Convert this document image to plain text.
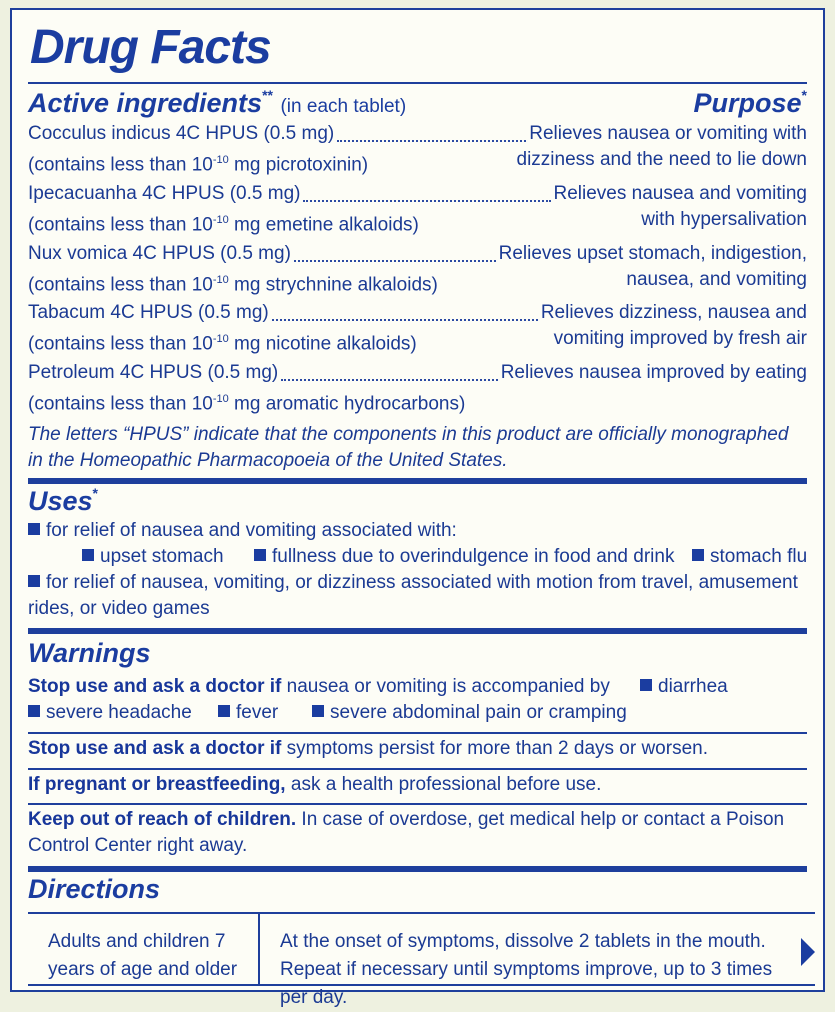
Drug Facts
Active ingredients** (in each tablet)	Purpose*
Cocculus indicus 4C HPUS (0.5 mg)	Relieves nausea or vomiting with
(contains less than $10^{-10}$ mg picrotoxinin)	dizziness and the need to lie down
Ipecacuanha 4C HPUS (0.5 mg)	Relieves nausea and vomiting
(contains less than $10^{-10}$ mg emetine alkaloids)	with hypersalivation
Nux vomica 4C HPUS (0.5 mg)	Relieves upset stomach, indigestion,
(contains less than $10^{-10}$ mg strychnine alkaloids)	nausea, and vomiting
Tabacum 4C HPUS (0.5 mg)	Relieves dizziness, nausea and
(contains less than $10^{-10}$ mg nicotine alkaloids)	vomiting improved by fresh air
Petroleum 4C HPUS (0.5 mg)	Relieves nausea improved by eating
(contains less than $10^{-10}$ mg aromatic hydrocarbons)
The letters “HPUS” indicate that the components in this product are officially monographed in the Homeopathic Pharmacopoeia of the United States.
Uses*
for relief of nausea and vomiting associated with:
upset stomach	fullness due to overindulgence in food and drink	stomach flu
for relief of nausea, vomiting, or dizziness associated with motion from travel, amusement
rides, or video games
Warnings
Stop use and ask a doctor if nausea or vomiting is accompanied by	diarrhea
severe headache	fever	severe abdominal pain or cramping
Stop use and ask a doctor if symptoms persist for more than 2 days or worsen.
If pregnant or breastfeeding, ask a health professional before use.
Keep out of reach of children. In case of overdose, get medical help or contact a Poison
Control Center right away.
Directions
Adults and children 7 years of age and older
At the onset of symptoms, dissolve 2 tablets in the mouth. Repeat if necessary until symptoms improve, up to 3 times per day.
